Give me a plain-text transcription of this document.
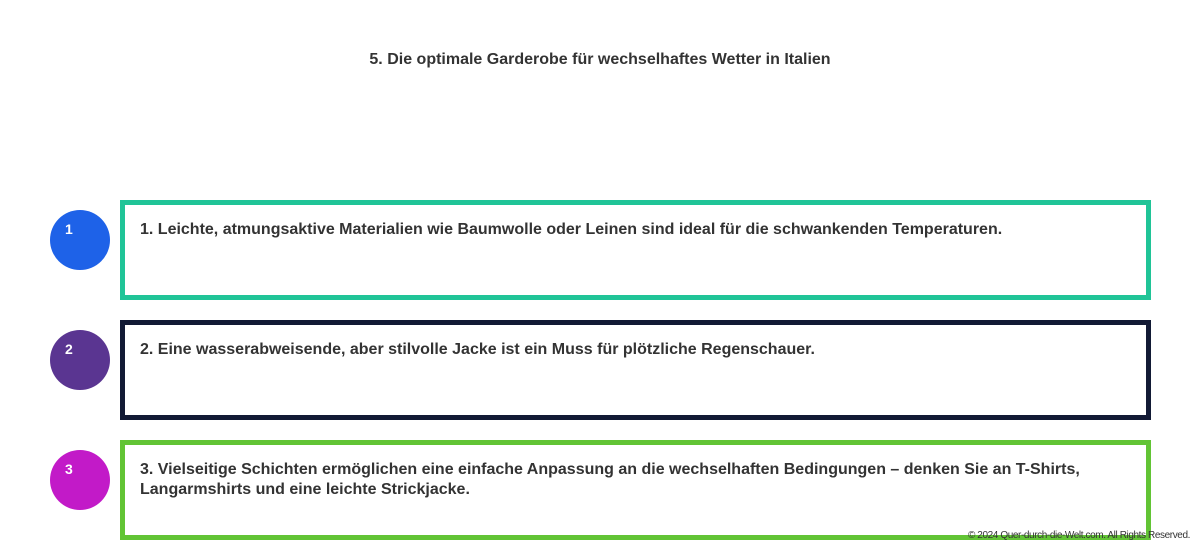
5. Die optimale Garderobe für wechselhaftes Wetter in Italien
1	1. Leichte, atmungsaktive Materialien wie Baumwolle oder Leinen sind ideal für die schwankenden Temperaturen.
2	2. Eine wasserabweisende, aber stilvolle Jacke ist ein Muss für plötzliche Regenschauer.
3	3. Vielseitige Schichten ermöglichen eine einfache Anpassung an die wechselhaften Bedingungen – denken Sie an T-Shirts, Langarmshirts und eine leichte Strickjacke.
© 2024 Quer-durch-die-Welt.com. All Rights Reserved.
